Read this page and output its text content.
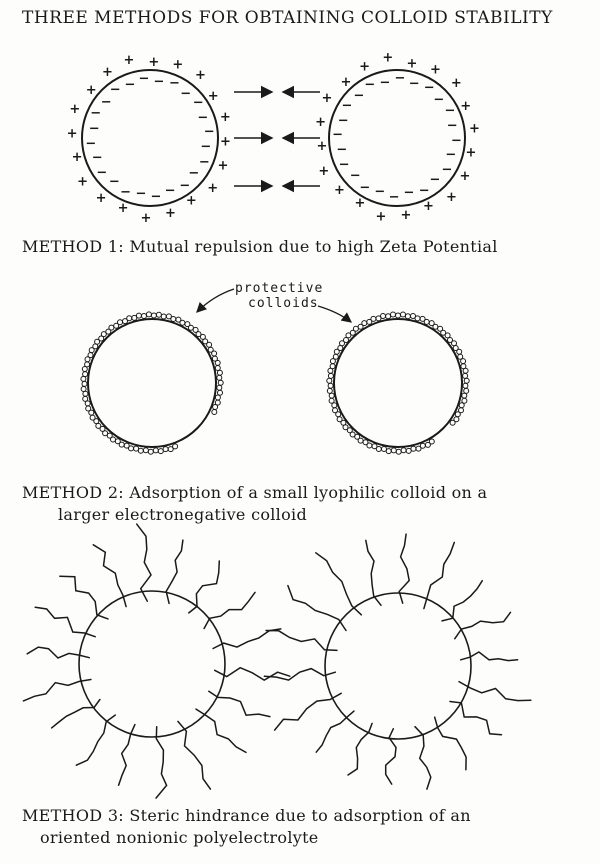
THREE METHODS FOR OBTAINING COLLOID STABILITY
+
+
+
+
+
+
+
+
+
+
+
+
+
+
+ + +
+
+
+
−
−
−
−
−
−
−
−
−
−
−
−
−
−
−
− − − − −
−
−
−
−
+
+
+
+
+
+
+
+
+
+
+
+
+
+
+ + +
+
+
+
−
−
−
−
−
−
−
−
−
−
−
−
−
−
−
− − − − −
−
−
−
−
METHOD 1: Mutual repulsion due to high Zeta Potential
protective
colloids
METHOD 2: Adsorption of a small lyophilic colloid on a
larger electronegative colloid
METHOD 3: Steric hindrance due to adsorption of an
oriented nonionic polyelectrolyte
